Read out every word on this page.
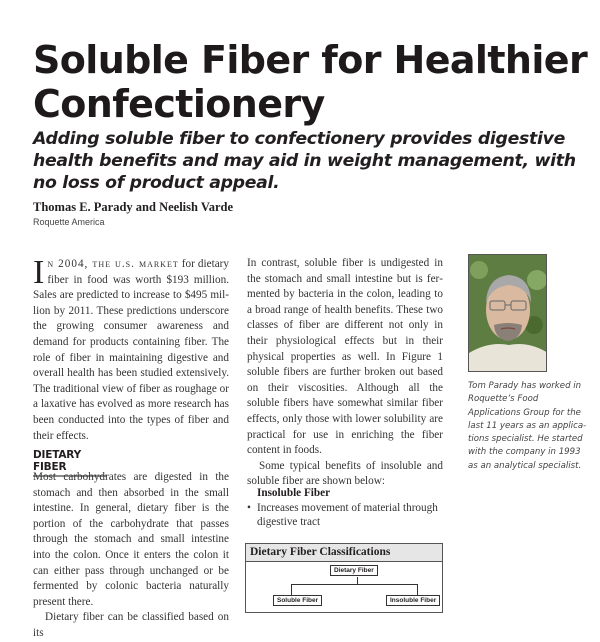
Soluble Fiber for Healthier Confectionery
Adding soluble fiber to confectionery provides digestive health benefits and may aid in weight management, with no loss of product appeal.
Thomas E. Parady and Neelish Varde
Roquette America

In 2004, the u.s. market for dietary fiber in food was worth $193 million. Sales are predicted to increase to $495 million by 2011. These predictions underscore the growing consumer awareness and demand for products containing fiber. The role of fiber in maintaining digestive and overall health has been studied extensively. The traditional view of fiber as roughage or a laxative has evolved as more research has been conducted into the types of fiber and their effects.

DIETARY FIBER

Most carbohydrates are digested in the stomach and then absorbed in the small intestine. In general, dietary fiber is the portion of the carbohydrate that passes through the stomach and small intestine into the colon. Once it enters the colon it can either pass through unchanged or be fermented by colonic bacteria naturally present there.

Dietary fiber can be classified based on its

In contrast, soluble fiber is undigested in the stomach and small intestine but is fermented by bacteria in the colon, leading to a broad range of health benefits. These two classes of fiber are different not only in their physiological effects but in their physical properties as well. In Figure 1 soluble fibers are further broken out based on their viscosities. Although all the soluble fibers have somewhat similar fiber effects, only those with lower solubility are practical for use in enriching the fiber content in foods.

Some typical benefits of insoluble and soluble fiber are shown below:

Insoluble Fiber
• Increases movement of material through digestive tract
Dietary Fiber Classifications
Dietary Fiber
Soluble Fiber	Insoluble Fiber

Tom Parady has worked in Roquette’s Food Applications Group for the last 11 years as an applications specialist. He started with the company in 1993 as an analytical specialist.
